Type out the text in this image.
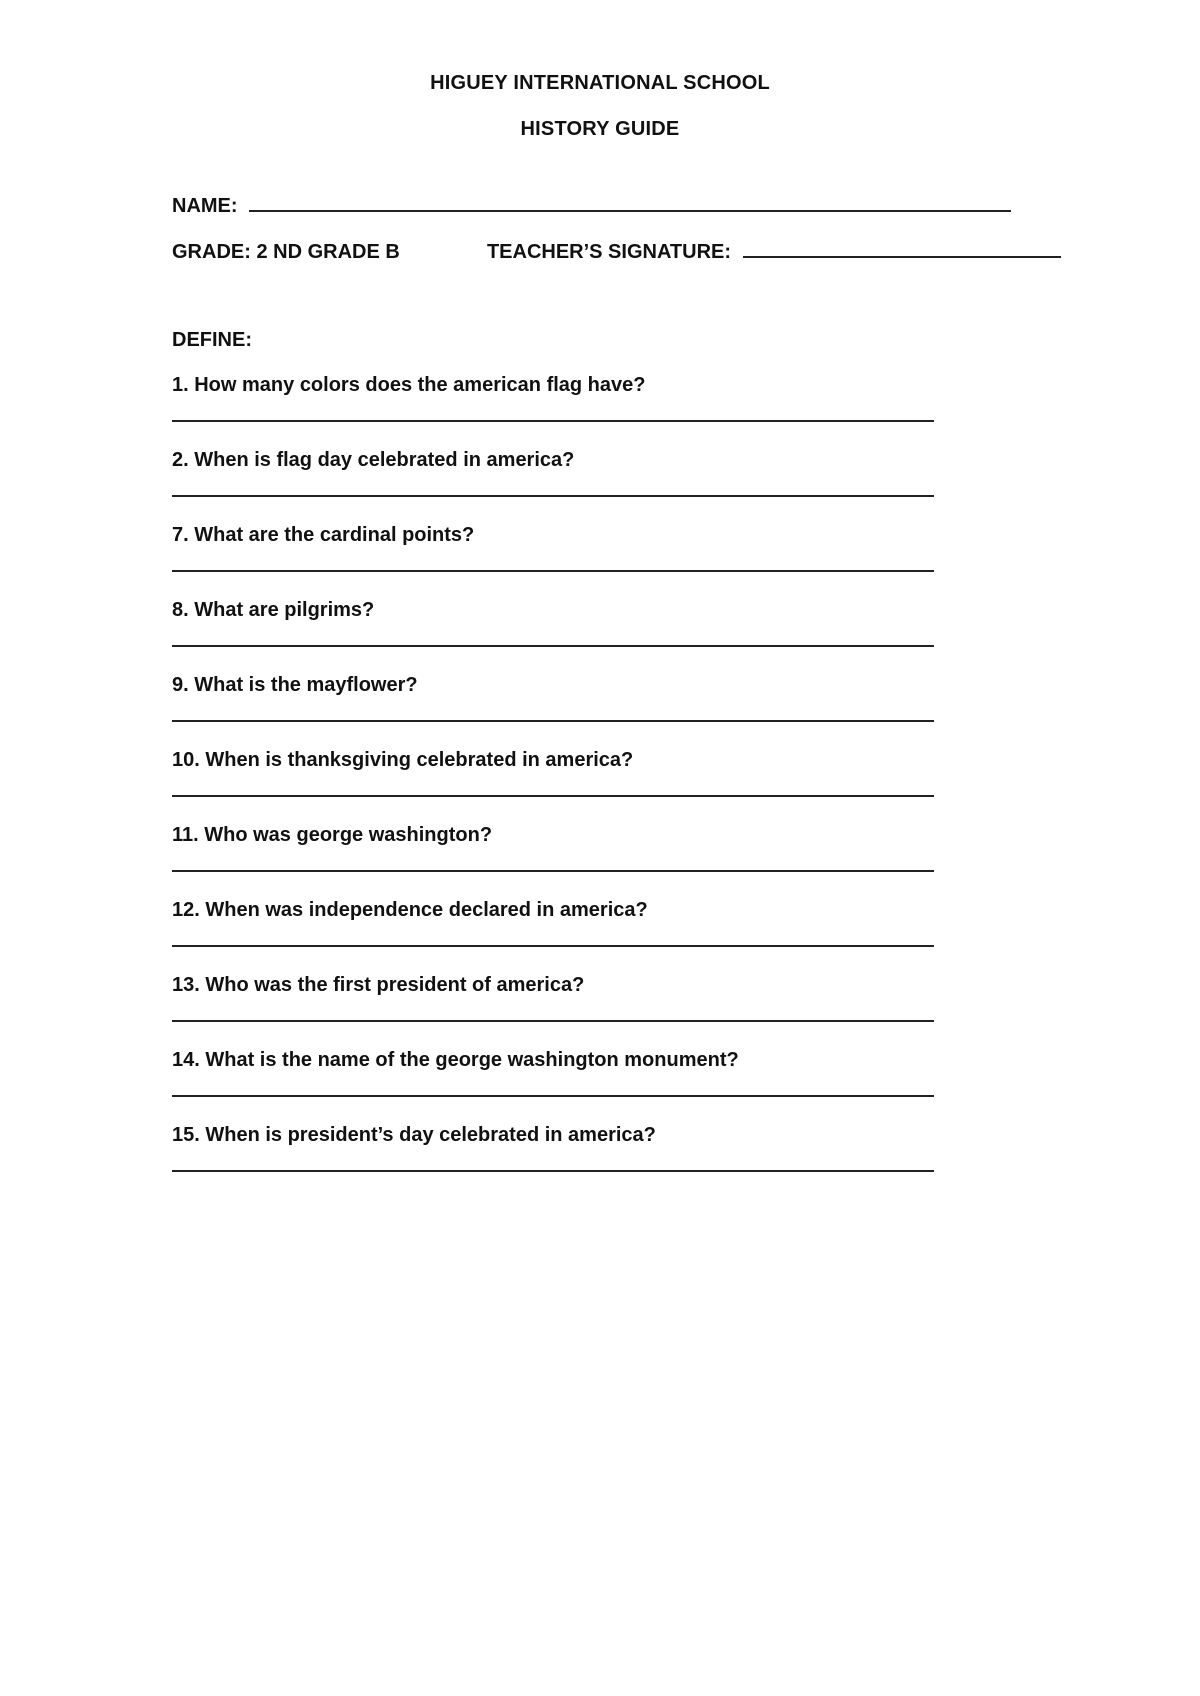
HIGUEY INTERNATIONAL SCHOOL
HISTORY GUIDE
NAME:
GRADE: 2 ND GRADE B	TEACHER’S SIGNATURE:
DEFINE:
1. How many colors does the american flag have?
2. When is flag day celebrated in america?
7. What are the cardinal points?
8. What are pilgrims?
9. What is the mayflower?
10. When is thanksgiving celebrated in america?
11. Who was george washington?
12. When was independence declared in america?
13. Who was the first president of america?
14. What is the name of the george washington monument?
15. When is president’s day celebrated in america?
